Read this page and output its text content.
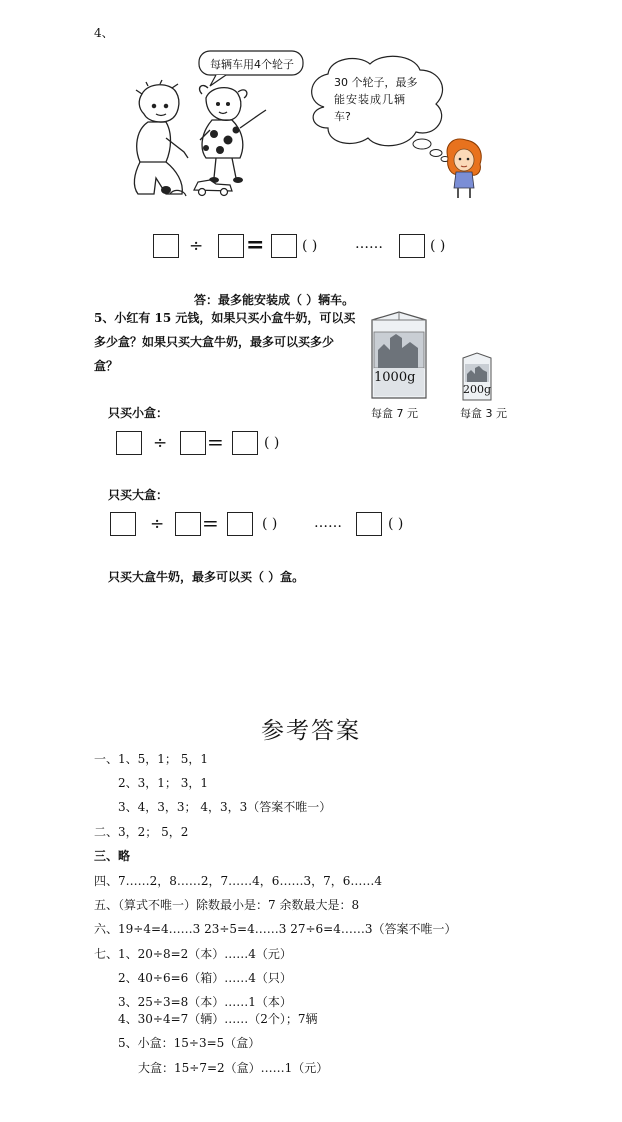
4、
每辆车用4个轮子
30 个轮子，最多
能安装成几辆
车?
÷ =	( )	……	( )
答：最多能安装成（ ）辆车。
5、小红有 15 元钱，如果只买小盒牛奶，可以买
多少盒？如果只买大盒牛奶，最多可以买多少
盒？
1000g
200g
每盒 7 元	每盒 3 元
只买小盒：
÷ =	( )
只买大盒：
÷ =	( )	……	( )
只买大盒牛奶，最多可以买（ ）盒。
参考答案
一、1、5，1； 5，1
2、3，1； 3，1
3、4，3，3； 4，3，3（答案不唯一）
二、3，2； 5，2
三、略
四、7……2，8……2，7……4，6……3，7，6……4
五、（算式不唯一）除数最小是：7 余数最大是：8
六、19÷4=4……3 23÷5=4……3 27÷6=4……3（答案不唯一）
七、1、20÷8=2（本）……4（元）
2、40÷6=6（箱）……4（只）
3、25÷3=8（本）……1（本）
4、30÷4=7（辆）……（2个）；7辆
5、小盒：15÷3=5（盒）
大盒：15÷7=2（盒）……1（元）
